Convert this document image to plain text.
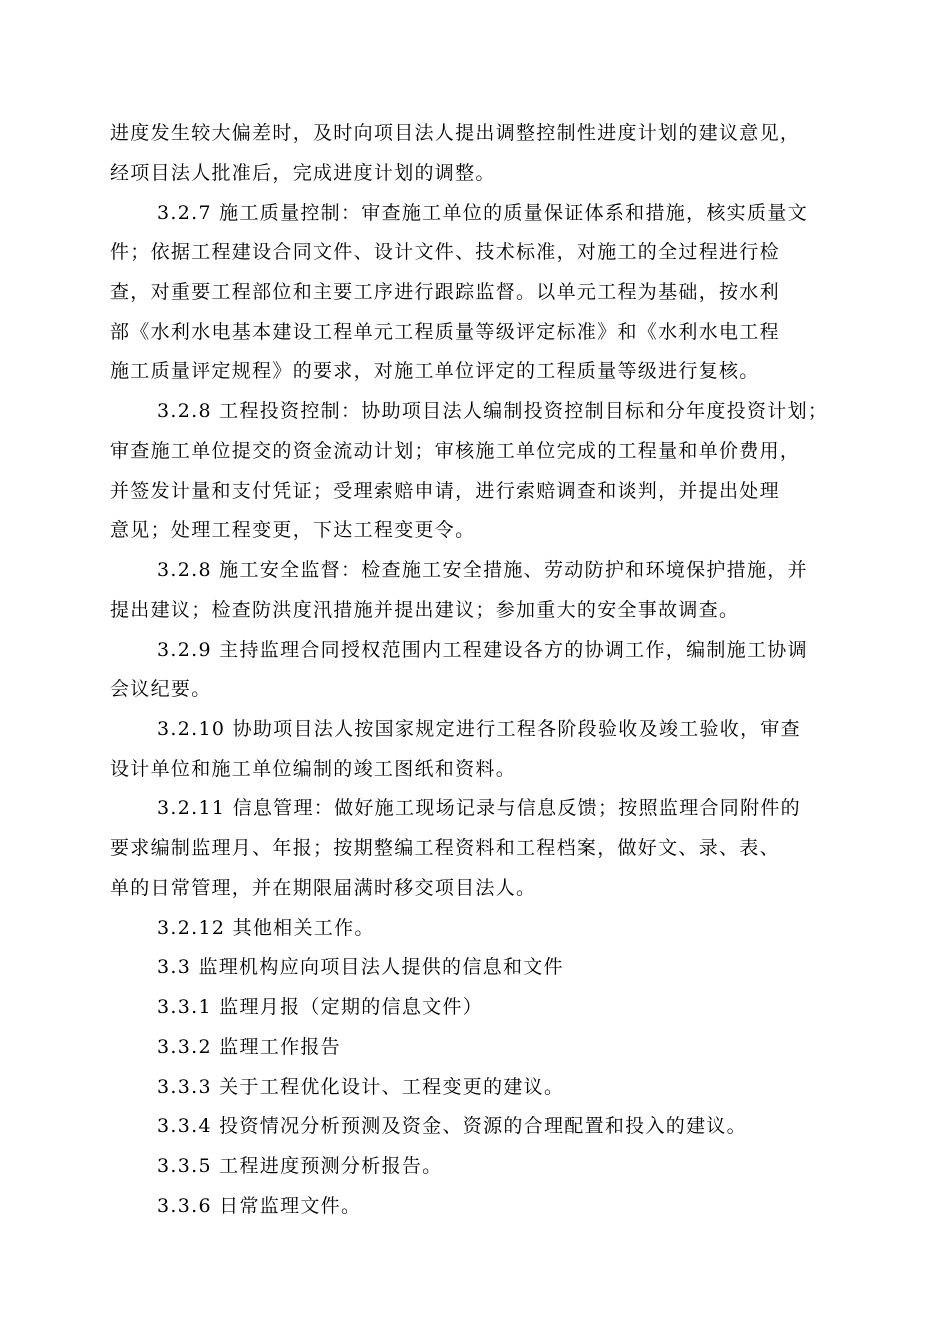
进度发生较大偏差时，及时向项目法人提出调整控制性进度计划的建议意见，
经项目法人批准后，完成进度计划的调整。
3.2.7 施工质量控制：审查施工单位的质量保证体系和措施，核实质量文
件；依据工程建设合同文件、设计文件、技术标准，对施工的全过程进行检
查，对重要工程部位和主要工序进行跟踪监督。以单元工程为基础，按水利
部《水利水电基本建设工程单元工程质量等级评定标准》和《水利水电工程
施工质量评定规程》的要求，对施工单位评定的工程质量等级进行复核。
3.2.8 工程投资控制：协助项目法人编制投资控制目标和分年度投资计划；
审查施工单位提交的资金流动计划；审核施工单位完成的工程量和单价费用，
并签发计量和支付凭证；受理索赔申请，进行索赔调查和谈判，并提出处理
意见；处理工程变更，下达工程变更令。
3.2.8 施工安全监督：检查施工安全措施、劳动防护和环境保护措施，并
提出建议；检查防洪度汛措施并提出建议；参加重大的安全事故调查。
3.2.9 主持监理合同授权范围内工程建设各方的协调工作，编制施工协调
会议纪要。
3.2.10 协助项目法人按国家规定进行工程各阶段验收及竣工验收，审查
设计单位和施工单位编制的竣工图纸和资料。
3.2.11 信息管理：做好施工现场记录与信息反馈；按照监理合同附件的
要求编制监理月、年报；按期整编工程资料和工程档案，做好文、录、表、
单的日常管理，并在期限届满时移交项目法人。
3.2.12 其他相关工作。
3.3 监理机构应向项目法人提供的信息和文件
3.3.1 监理月报（定期的信息文件）
3.3.2 监理工作报告
3.3.3 关于工程优化设计、工程变更的建议。
3.3.4 投资情况分析预测及资金、资源的合理配置和投入的建议。
3.3.5 工程进度预测分析报告。
3.3.6 日常监理文件。
